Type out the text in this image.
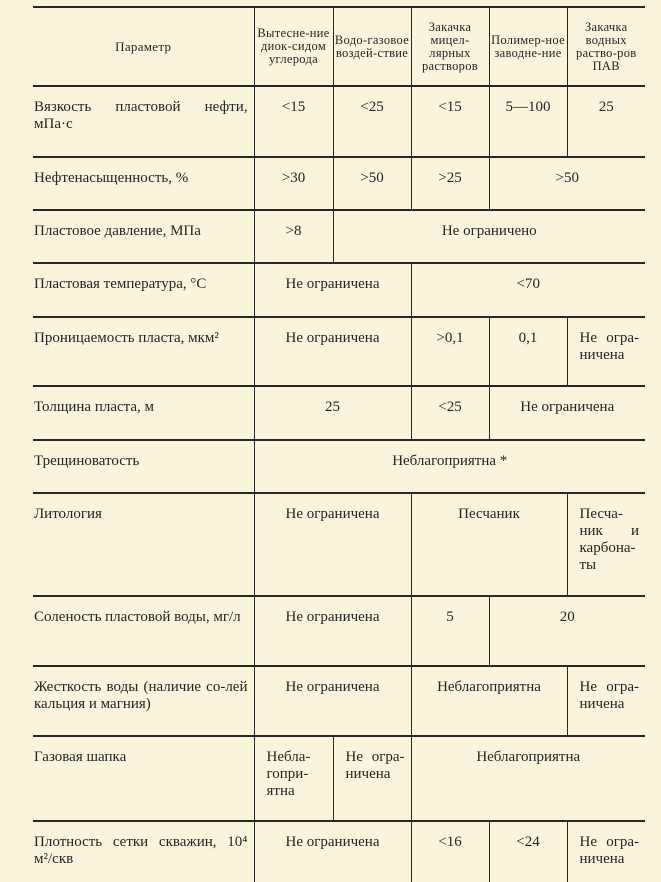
Параметр	Вытесне-ние диок-сидом углерода	Водо-газовое воздей-ствие	Закачка мицел-лярных растворов	Полимер-ное заводне-ние	Закачка водных раство-ров ПАВ
Вязкость пластовой нефти, мПа·с	<15	<25	<15	5—100	25
Нефтенасыщенность, %	>30	>50	>25	>50	
Пластовое давление, МПа	>8	Не ограничено			
Пластовая температура, °С	Не ограничена		<70		
Проницаемость пласта, мкм²	Не ограничена		>0,1	0,1	Не огра-ничена
Толщина пласта, м	25		<25	Не ограничена	
Трещиноватость	Неблагоприятна *				
Литология	Не ограничена		Песчаник		Песча-ник и карбона-ты
Соленость пластовой воды, мг/л	Не ограничена		5	20	
Жесткость воды (наличие со-лей кальция и магния)	Не ограничена		Неблагоприятна		Не огра-ничена
Газовая шапка	Небла-гопри-ятна	Не огра-ничена	Неблагоприятна		
Плотность сетки скважин, 10⁴ м²/скв	Не ограничена		<16	<24	Не огра-ничена
